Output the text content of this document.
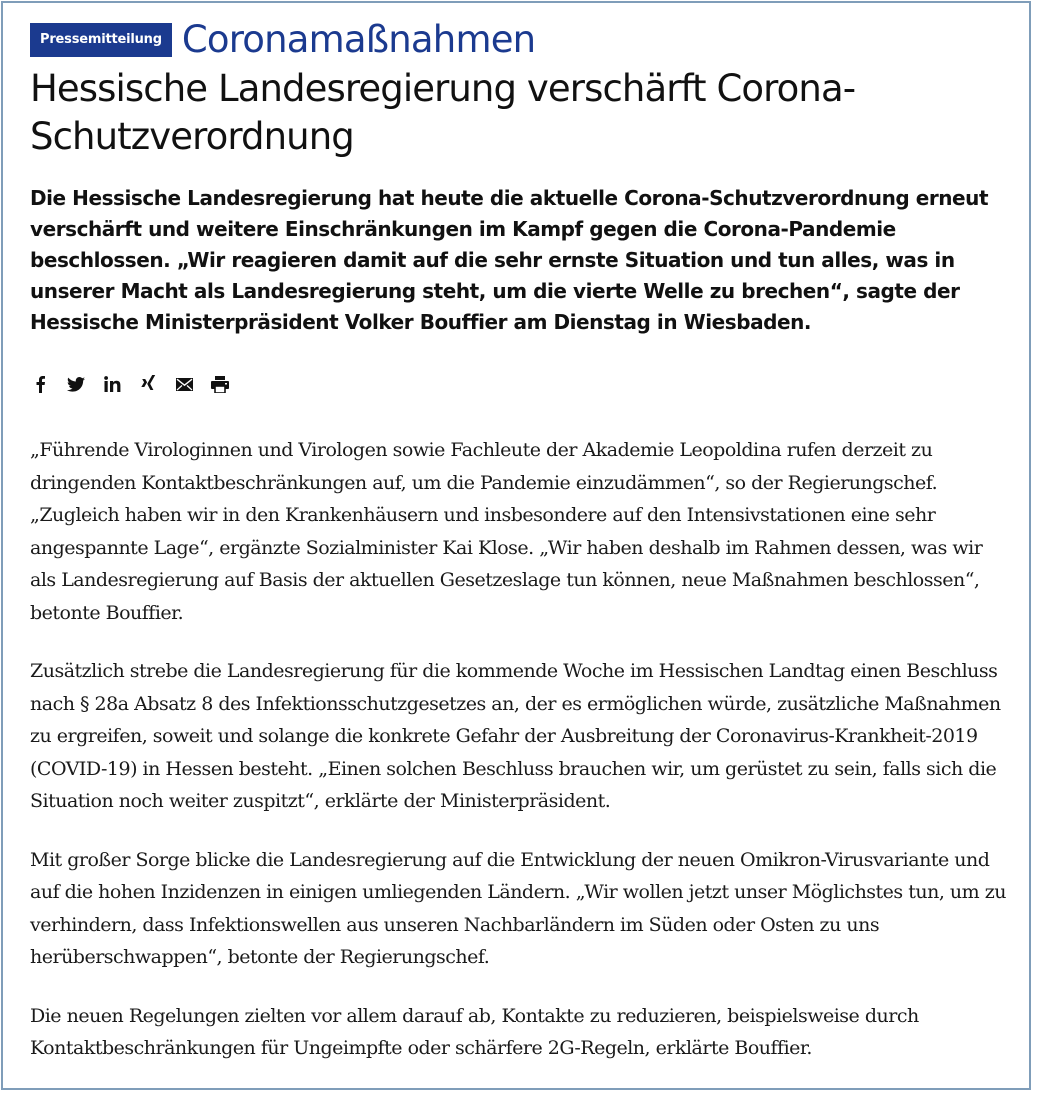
Pressemitteilung Coronamaßnahmen
Hessische Landesregierung verschärft Corona-Schutzverordnung

Die Hessische Landesregierung hat heute die aktuelle Corona-Schutzverordnung erneut verschärft und weitere Einschränkungen im Kampf gegen die Corona-Pandemie beschlossen. „Wir reagieren damit auf die sehr ernste Situation und tun alles, was in unserer Macht als Landesregierung steht, um die vierte Welle zu brechen“, sagte der Hessische Ministerpräsident Volker Bouffier am Dienstag in Wiesbaden.

„Führende Virologinnen und Virologen sowie Fachleute der Akademie Leopoldina rufen derzeit zu dringenden Kontaktbeschränkungen auf, um die Pandemie einzudämmen“, so der Regierungschef. „Zugleich haben wir in den Krankenhäusern und insbesondere auf den Intensivstationen eine sehr angespannte Lage“, ergänzte Sozialminister Kai Klose. „Wir haben deshalb im Rahmen dessen, was wir als Landesregierung auf Basis der aktuellen Gesetzeslage tun können, neue Maßnahmen beschlossen“, betonte Bouffier.

Zusätzlich strebe die Landesregierung für die kommende Woche im Hessischen Landtag einen Beschluss nach § 28a Absatz 8 des Infektionsschutzgesetzes an, der es ermöglichen würde, zusätzliche Maßnahmen zu ergreifen, soweit und solange die konkrete Gefahr der Ausbreitung der Coronavirus-Krankheit-2019 (COVID-19) in Hessen besteht. „Einen solchen Beschluss brauchen wir, um gerüstet zu sein, falls sich die Situation noch weiter zuspitzt“, erklärte der Ministerpräsident.

Mit großer Sorge blicke die Landesregierung auf die Entwicklung der neuen Omikron-Virusvariante und auf die hohen Inzidenzen in einigen umliegenden Ländern. „Wir wollen jetzt unser Möglichstes tun, um zu verhindern, dass Infektionswellen aus unseren Nachbarländern im Süden oder Osten zu uns herüberschwappen“, betonte der Regierungschef.

Die neuen Regelungen zielten vor allem darauf ab, Kontakte zu reduzieren, beispielsweise durch Kontaktbeschränkungen für Ungeimpfte oder schärfere 2G-Regeln, erklärte Bouffier.
